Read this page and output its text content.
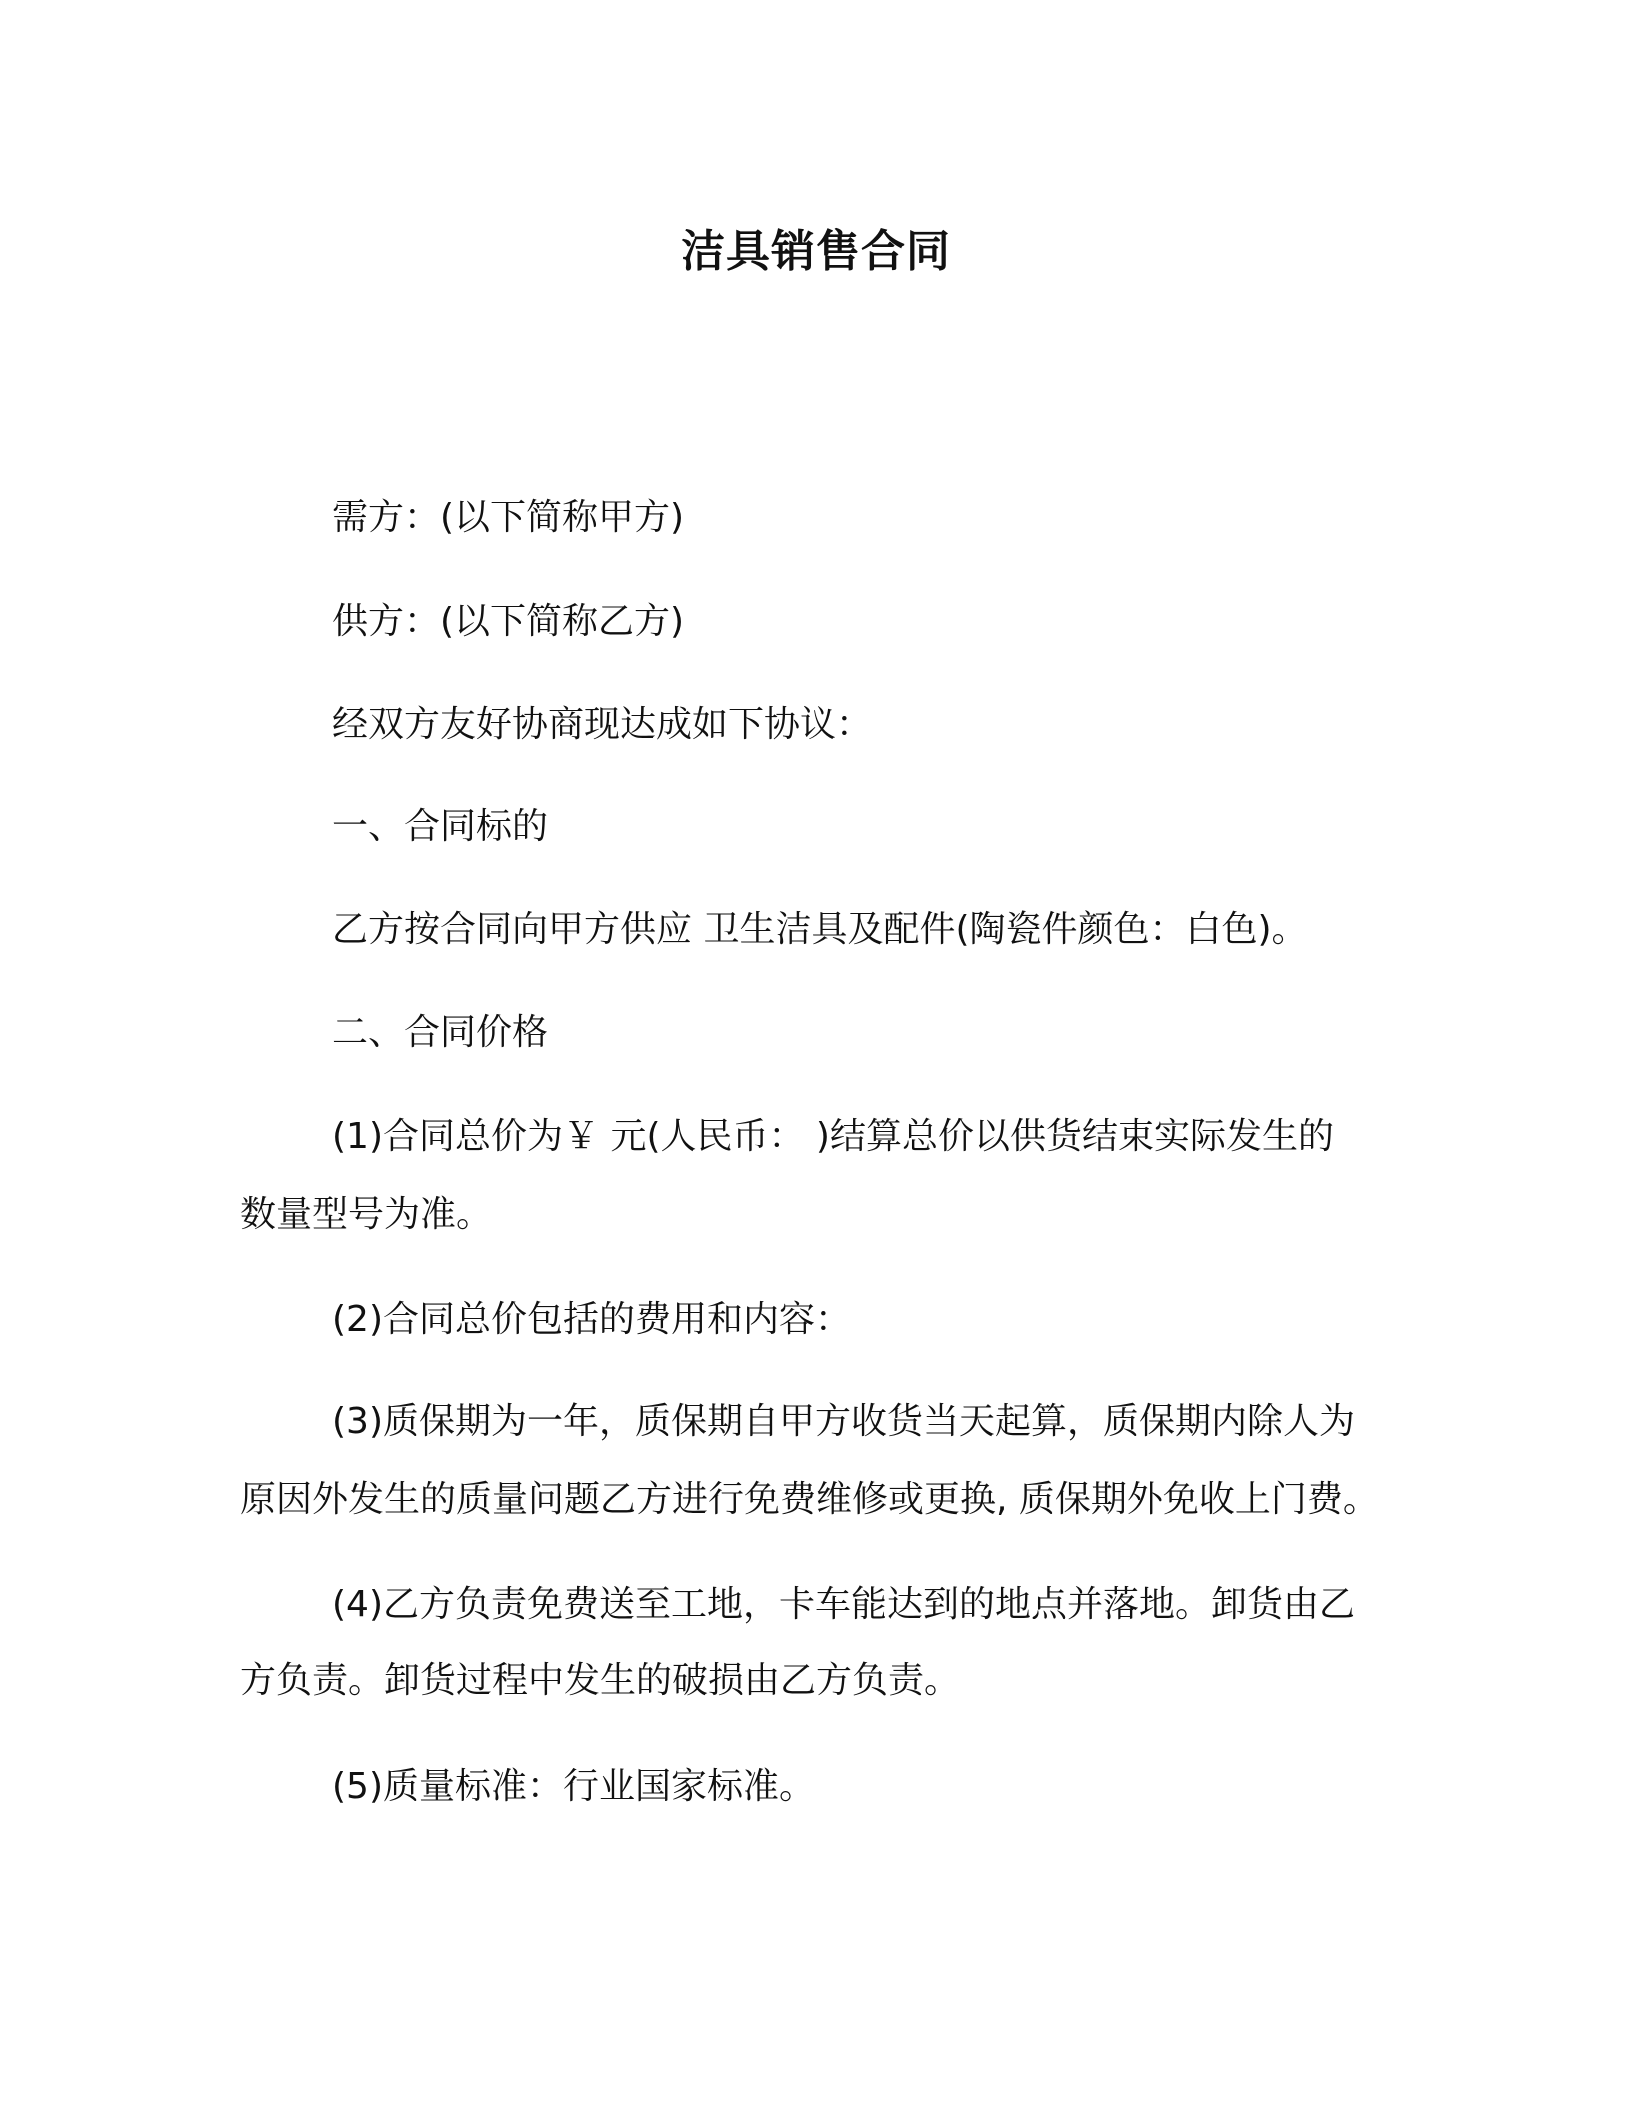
洁具销售合同

需方：(以下简称甲方)

供方：(以下简称乙方)

经双方友好协商现达成如下协议：

一、合同标的

乙方按合同向甲方供应 卫生洁具及配件(陶瓷件颜色：白色)。

二、合同价格

(1)合同总价为￥ 元(人民币： )结算总价以供货结束实际发生的

数量型号为准。

(2)合同总价包括的费用和内容：

(3)质保期为一年，质保期自甲方收货当天起算，质保期内除人为

原因外发生的质量问题乙方进行免费维修或更换, 质保期外免收上门费。

(4)乙方负责免费送至工地，卡车能达到的地点并落地。卸货由乙

方负责。卸货过程中发生的破损由乙方负责。

(5)质量标准：行业国家标准。
